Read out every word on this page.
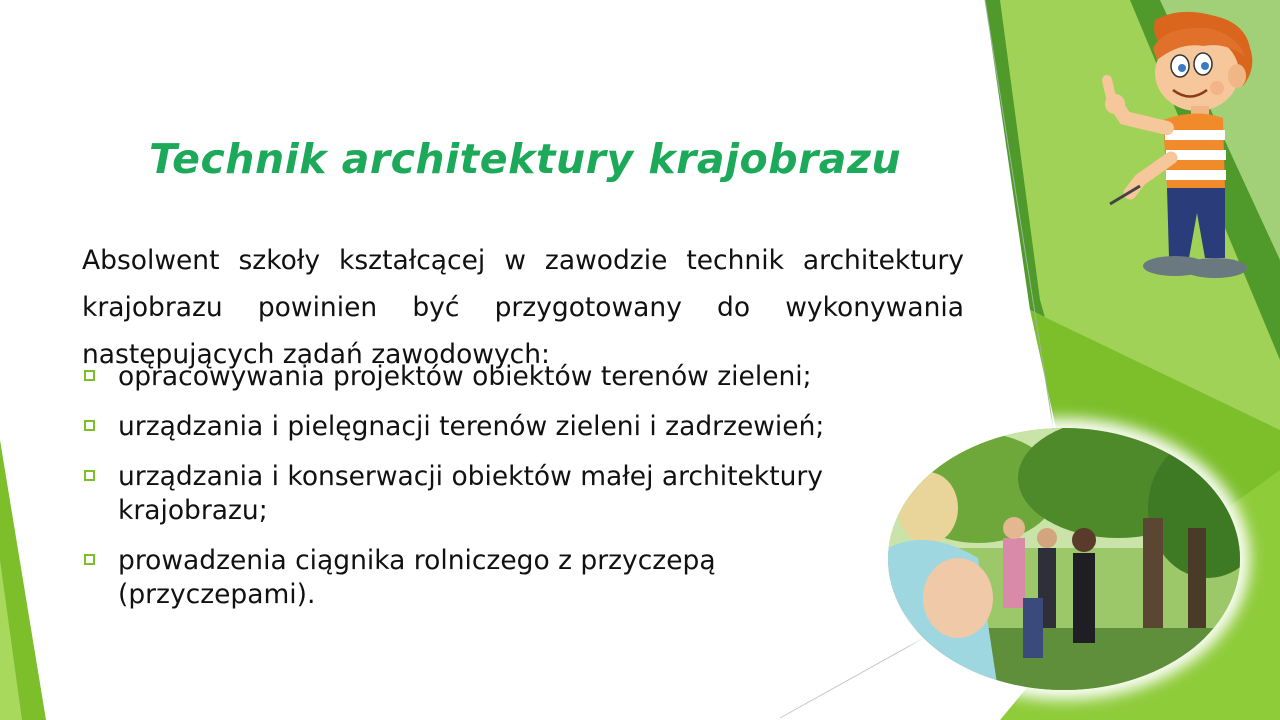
Technik architektury krajobrazu

Absolwent szkoły kształcącej w zawodzie technik architektury krajobrazu powinien być przygotowany do wykonywania następujących zadań zawodowych:

opracowywania projektów obiektów terenów zieleni;
urządzania i pielęgnacji terenów zieleni i zadrzewień;
urządzania i konserwacji obiektów małej architektury krajobrazu;
prowadzenia ciągnika rolniczego z przyczepą (przyczepami).
